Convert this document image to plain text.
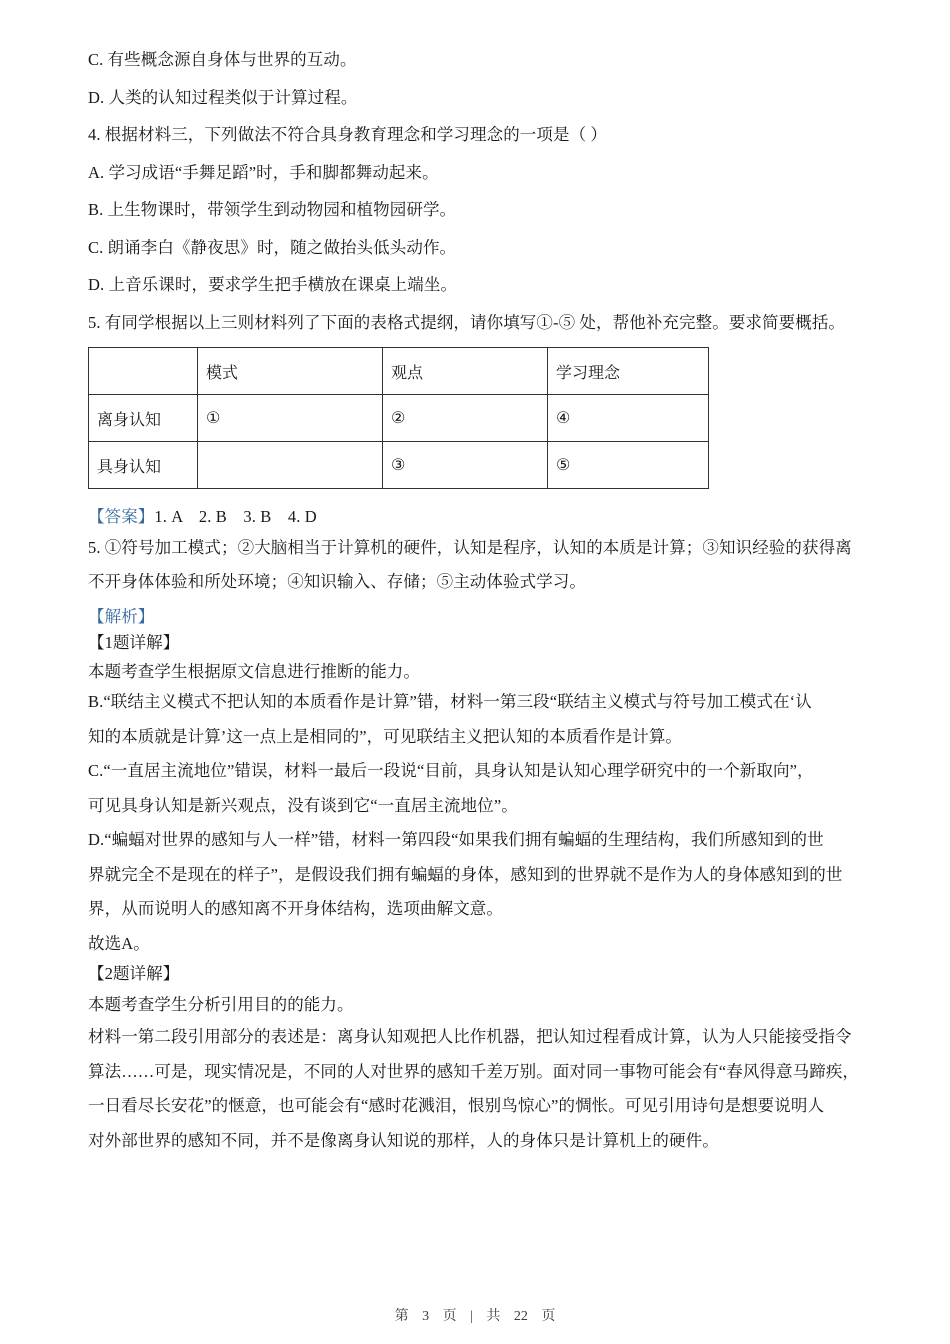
C. 有些概念源自身体与世界的互动。
D. 人类的认知过程类似于计算过程。
4. 根据材料三，下列做法不符合具身教育理念和学习理念的一项是（ ）
A. 学习成语“手舞足蹈”时，手和脚都舞动起来。
B. 上生物课时，带领学生到动物园和植物园研学。
C. 朗诵李白《静夜思》时，随之做抬头低头动作。
D. 上音乐课时，要求学生把手横放在课桌上端坐。
5. 有同学根据以上三则材料列了下面的表格式提纲，请你填写①-⑤ 处，帮他补充完整。要求简要概括。
	模式	观点	学习理念
离身认知	①	②	④
具身认知		③	⑤
【答案】1. A　2. B　3. B　4. D
5. ①符号加工模式；②大脑相当于计算机的硬件，认知是程序，认知的本质是计算；③知识经验的获得离
不开身体体验和所处环境；④知识输入、存储；⑤主动体验式学习。
【解析】
【1题详解】
本题考查学生根据原文信息进行推断的能力。
B.“联结主义模式不把认知的本质看作是计算”错，材料一第三段“联结主义模式与符号加工模式在‘认
知的本质就是计算’这一点上是相同的”，可见联结主义把认知的本质看作是计算。
C.“一直居主流地位”错误，材料一最后一段说“目前，具身认知是认知心理学研究中的一个新取向”，
可见具身认知是新兴观点，没有谈到它“一直居主流地位”。
D.“蝙蝠对世界的感知与人一样”错，材料一第四段“如果我们拥有蝙蝠的生理结构，我们所感知到的世
界就完全不是现在的样子”，是假设我们拥有蝙蝠的身体，感知到的世界就不是作为人的身体感知到的世
界，从而说明人的感知离不开身体结构，选项曲解文意。
故选A。
【2题详解】
本题考查学生分析引用目的的能力。
材料一第二段引用部分的表述是：离身认知观把人比作机器，把认知过程看成计算，认为人只能接受指令
算法……可是，现实情况是，不同的人对世界的感知千差万别。面对同一事物可能会有“春风得意马蹄疾，
一日看尽长安花”的惬意，也可能会有“感时花溅泪，恨别鸟惊心”的惆怅。可见引用诗句是想要说明人
对外部世界的感知不同，并不是像离身认知说的那样，人的身体只是计算机上的硬件。
第 3 页 | 共 22 页
